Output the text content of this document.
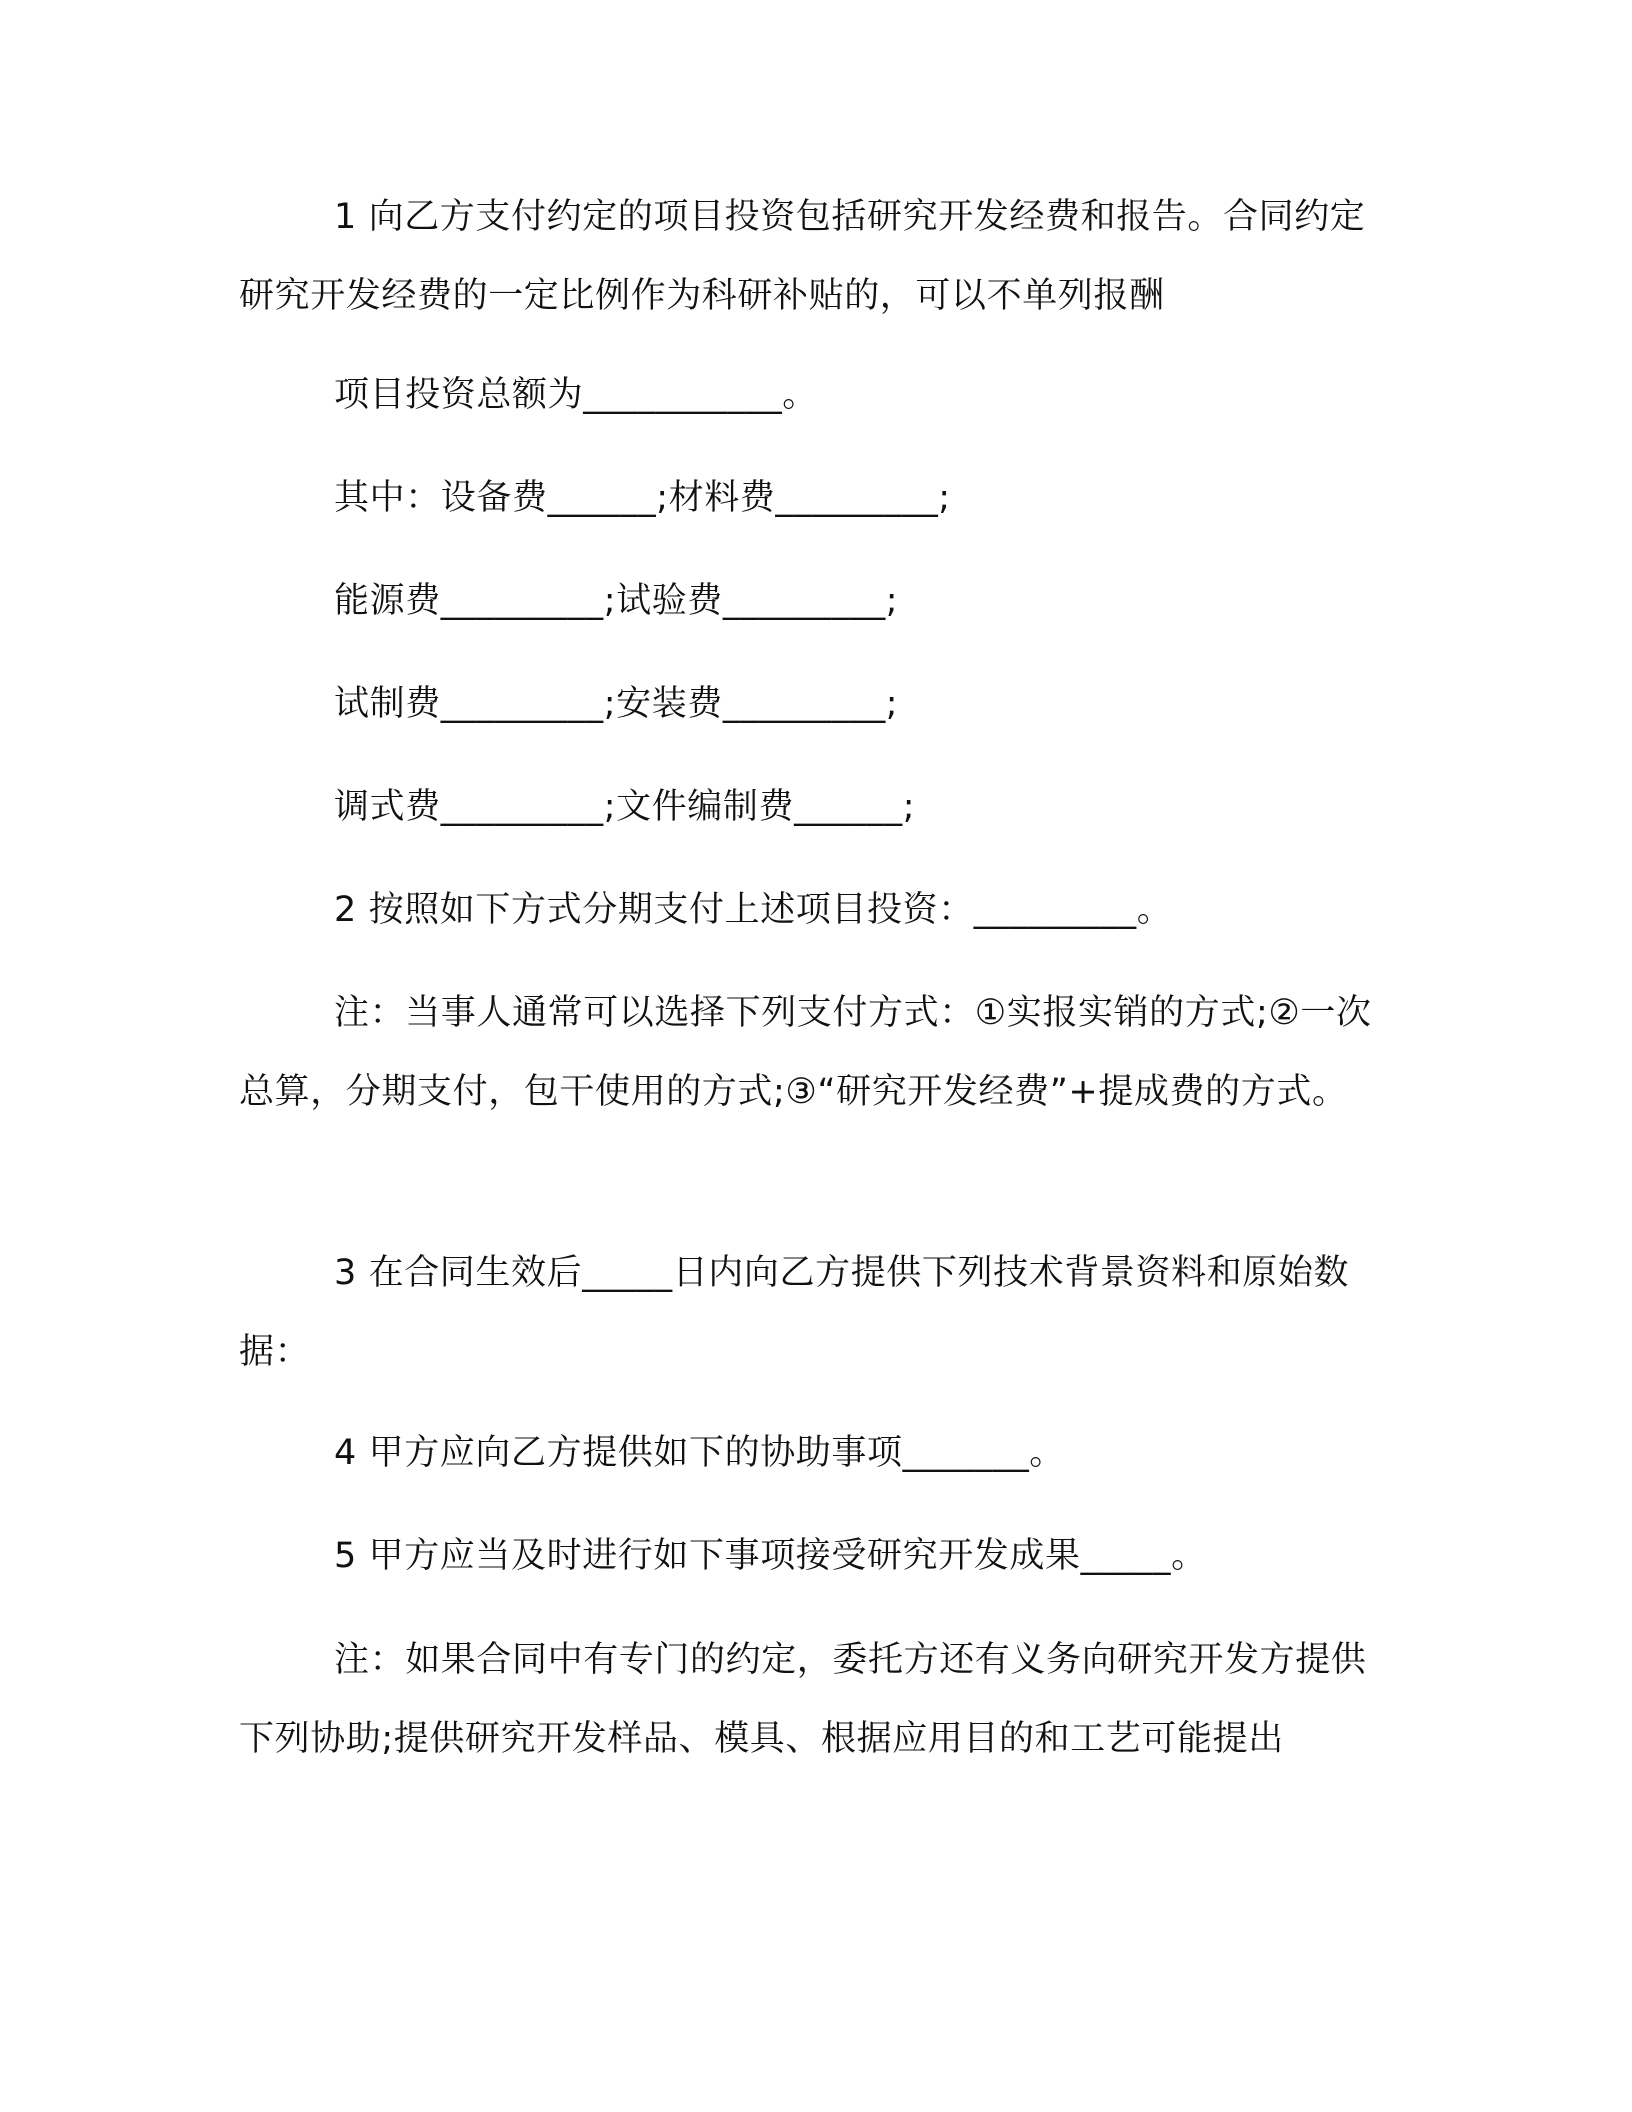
1 向乙方支付约定的项目投资包括研究开发经费和报告。合同约定研究开发经费的一定比例作为科研补贴的，可以不单列报酬

项目投资总额为___________。

其中：设备费______;材料费_________;

能源费_________;试验费_________;

试制费_________;安装费_________;

调式费_________;文件编制费______;

2 按照如下方式分期支付上述项目投资：_________。

注：当事人通常可以选择下列支付方式：①实报实销的方式;②一次总算，分期支付，包干使用的方式;③“研究开发经费”+提成费的方式。

3 在合同生效后_____日内向乙方提供下列技术背景资料和原始数据：

4 甲方应向乙方提供如下的协助事项_______。

5 甲方应当及时进行如下事项接受研究开发成果_____。

注：如果合同中有专门的约定，委托方还有义务向研究开发方提供下列协助;提供研究开发样品、模具、根据应用目的和工艺可能提出
